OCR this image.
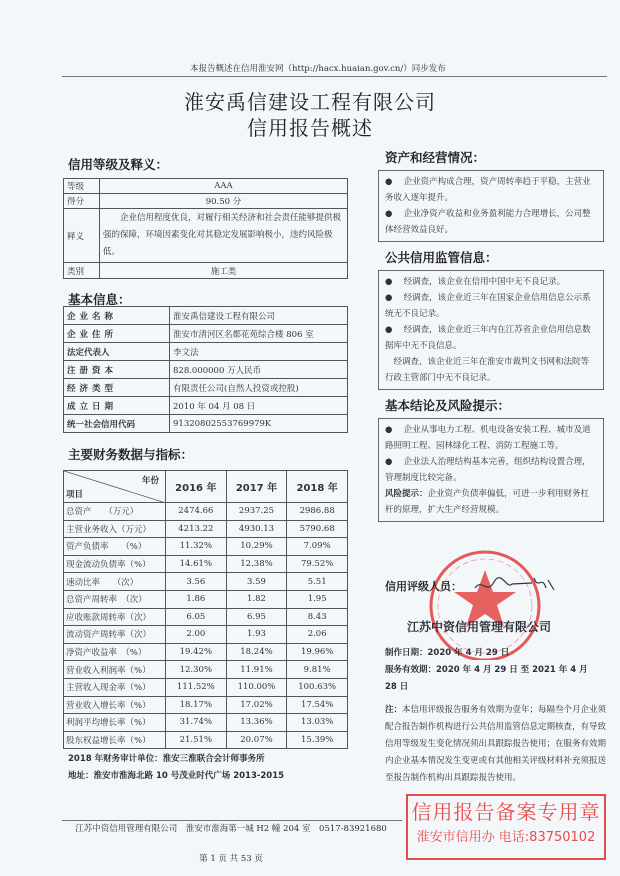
本报告概述在信用淮安网（http://hacx.huaian.gov.cn/）同步发布
淮安禹信建设工程有限公司
信用报告概述
信用等级及释义：
等级	AAA
得分	90.50 分
释义	企业信用程度优良，对履行相关经济和社会责任能够提供极强的保障，环境因素变化对其稳定发展影响极小，违约风险极低。
类别	施工类
基本信息：
企业名称	淮安禹信建设工程有限公司
企业住所	淮安市清河区名都花苑综合楼 806 室
法定代表人	李文法
注册资本	828.000000 万人民币
经济类型	有限责任公司(自然人投资或控股)
成立日期	2010 年 04 月 08 日
统一社会信用代码	91320802553769979K
主要财务数据与指标：
年份
项目	2016 年	2017 年	2018 年
总资产　　（万元）	2474.66	2937.25	2986.88
主营业务收入（万元）	4213.22	4930.13	5790.68
资产负债率　　（%）	11.32%	10.29%	7.09%
现金流动负债率（%）	14.61%	12.38%	79.52%
速动比率　　（次）	3.56	3.59	5.51
总资产周转率　（次）	1.86	1.82	1.95
应收账款周转率（次）	6.05	6.95	8.43
流动资产周转率（次）	2.00	1.93	2.06
净资产收益率　（%）	19.42%	18.24%	19.96%
营业收入利润率（%）	12.30%	11.91%	9.81%
主营收入现金率（%）	111.52%	110.00%	100.63%
营业收入增长率（%）	18.17%	17.02%	17.54%
利润平均增长率（%）	31.74%	13.36%	13.03%
股东权益增长率（%）	21.51%	20.07%	15.39%
2018 年财务审计单位：淮安三淮联合会计师事务所
地址：淮安市淮海北路 10 号茂业时代广场 2013-2015
资产和经营情况：

●　 企业资产构成合理，资产周转率趋于平稳，主营业务收入逐年提升。

●　 企业净资产收益和业务盈利能力合理增长，公司整体经营效益良好。

公共信用监管信息：

●　 经调查，该企业在信用中国中无不良记录。

●　 经调查，该企业近三年在国家企业信用信息公示系统无不良记录。

●　 经调查，该企业近三年内在江苏省企业信用信息数据库中无不良信息。

经调查，该企业近三年在淮安市裁判文书网和法院等行政主管部门中无不良记录。

基本结论及风险提示：

●　 企业从事电力工程、机电设备安装工程、城市及道路照明工程、园林绿化工程、消防工程施工等。

●　 企业法人治理结构基本完善，组织结构设置合理，管理制度比较完备。

风险提示：企业资产负债率偏低，可进一步利用财务杠杆的原理，扩大生产经营规模。

信用评级人员：
江苏中资信用管理有限公司
制作日期：2020 年 4 月 29 日
服务有效期：2020 年 4 月 29 日 至 2021 年 4 月 28 日
注：本信用评级报告服务有效期为壹年；每隔叁个月企业须配合报告制作机构进行公共信用监管信息定期核查，有导致信用等级发生变化情况须出具跟踪报告使用；在服务有效期内企业基本情况发生变更或有其他相关评级材料补充须报送至报告制作机构出具跟踪报告使用。
信用报告备案专用章
淮安市信用办 电话:83750102
江苏中资信用管理有限公司　淮安市淮海第一城 H2 幢 204 室　0517-83921680
第 1 页 共 53 页
